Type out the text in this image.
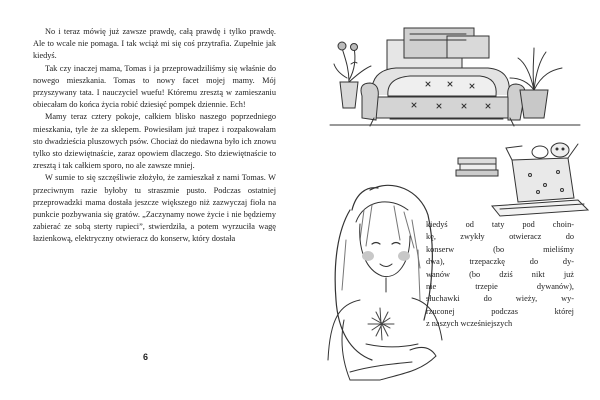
No i teraz mówię już zawsze prawdę, całą prawdę i tylko prawdę. Ale to wcale nie pomaga. I tak wciąż mi się coś przytrafia. Zupełnie jak kiedyś.

Tak czy inaczej mama, Tomas i ja przeprowadziliśmy się właśnie do nowego mieszkania. Tomas to nowy facet mojej mamy. Mój przyszywany tata. I nauczyciel wuefu! Któremu zresztą w zamieszaniu obiecałam do końca życia robić dziesięć pompek dziennie. Ech!

Mamy teraz cztery pokoje, całkiem blisko naszego poprzedniego mieszkania, tyle że za sklepem. Powiesiłam już trapez i rozpakowałam sto dwadzieścia pluszowych psów. Chociaż do niedawna było ich znowu tylko sto dziewiętnaście, zaraz opowiem dlaczego. Sto dziewiętnaście to zresztą i tak całkiem sporo, no ale zawsze mniej.

W sumie to się szczęśliwie złożyło, że zamieszkał z nami Tomas. W przeciwnym razie byłoby tu straszmie pusto. Podczas ostatniej przeprowadzki mama dostała jeszcze większego niż zazwyczaj fioła na punkcie pozbywania się gratów. „Zaczynamy nowe życie i nie będziemy zabierać ze sobą sterty rupieci”, stwierdziła, a potem wyrzuciła wagę łazienkową, elektryczny otwieracz do konserw, który dostała

6
kiedyś od taty pod choin-
kę, zwykły otwieracz do
konserw (bo mieliśmy
dwa), trzepaczkę do dy-
wanów (bo dziś nikt już
nie trzepie dywanów),
słuchawki do wieży, wy-
rzuconej podczas której
z naszych wcześniejszych
